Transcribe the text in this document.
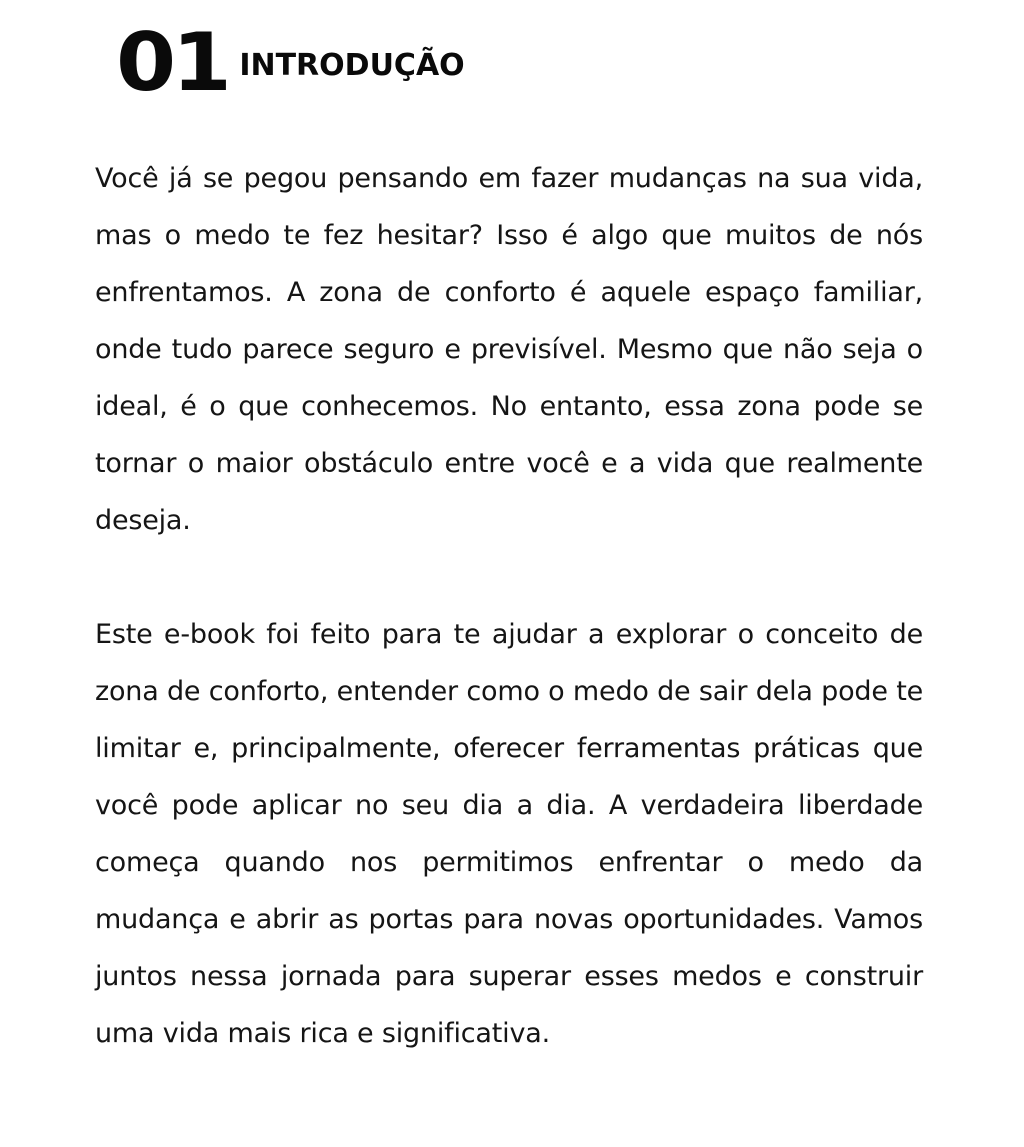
01 INTRODUÇÃO

Você já se pegou pensando em fazer mudanças na sua vida, mas o medo te fez hesitar? Isso é algo que muitos de nós enfrentamos. A zona de conforto é aquele espaço familiar, onde tudo parece seguro e previsível. Mesmo que não seja o ideal, é o que conhecemos. No entanto, essa zona pode se tornar o maior obstáculo entre você e a vida que realmente deseja.

Este e-book foi feito para te ajudar a explorar o conceito de zona de conforto, entender como o medo de sair dela pode te limitar e, principalmente, oferecer ferramentas práticas que você pode aplicar no seu dia a dia. A verdadeira liberdade começa quando nos permitimos enfrentar o medo da mudança e abrir as portas para novas oportunidades. Vamos juntos nessa jornada para superar esses medos e construir uma vida mais rica e significativa.
